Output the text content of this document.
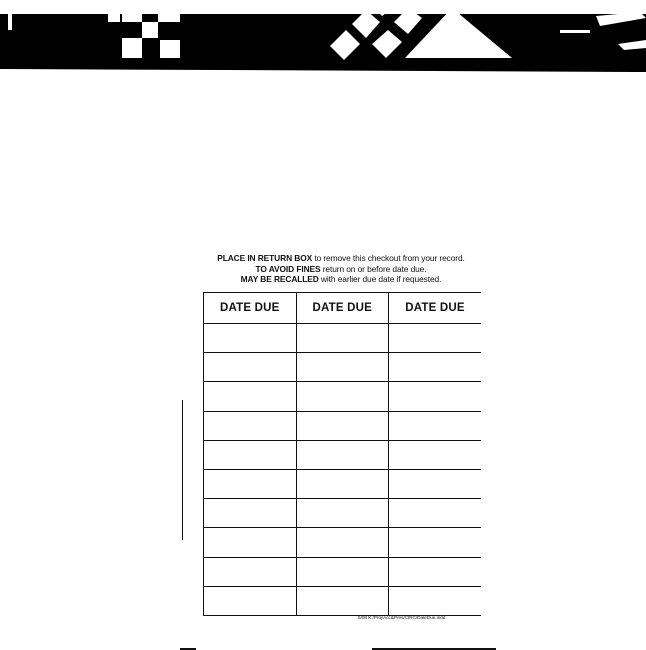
PLACE IN RETURN BOX to remove this checkout from your record.
TO AVOID FINES return on or before date due.
MAY BE RECALLED with earlier due date if requested.
DATE DUE	DATE DUE	DATE DUE

5/08 K:/Proj/Acc&Pres/CIRC/DateDue.indd
